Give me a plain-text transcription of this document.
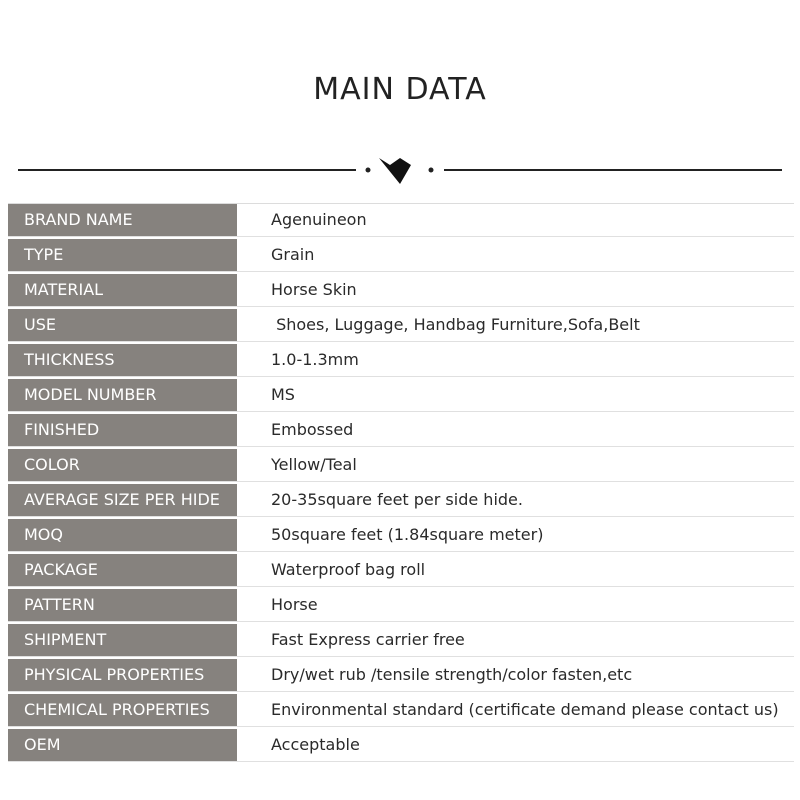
MAIN DATA
BRAND NAME	Agenuineon
TYPE	Grain
MATERIAL	Horse Skin
USE	Shoes, Luggage, Handbag Furniture,Sofa,Belt
THICKNESS	1.0-1.3mm
MODEL NUMBER	MS
FINISHED	Embossed
COLOR	Yellow/Teal
AVERAGE SIZE PER HIDE	20-35square feet per side hide.
MOQ	50square feet (1.84square meter)
PACKAGE	Waterproof bag roll
PATTERN	Horse
SHIPMENT	Fast Express carrier free
PHYSICAL PROPERTIES	Dry/wet rub /tensile strength/color fasten,etc
CHEMICAL PROPERTIES	Environmental standard (certificate demand please contact us)
OEM	Acceptable
